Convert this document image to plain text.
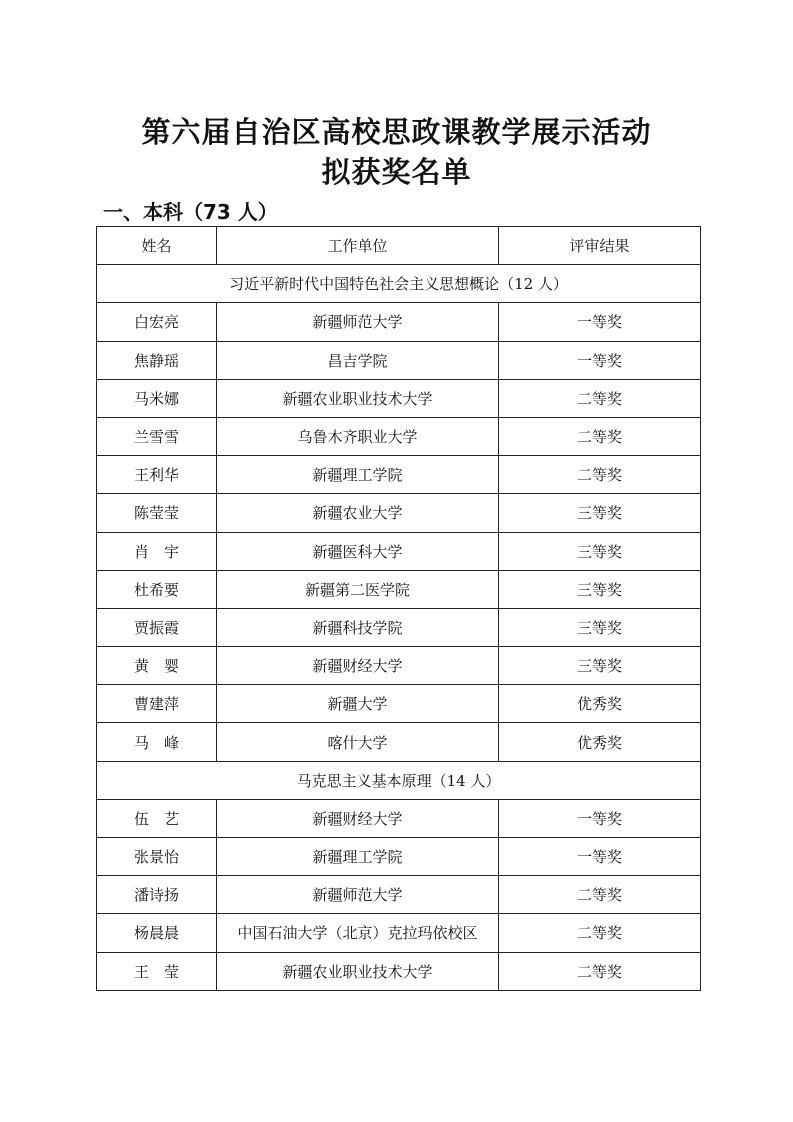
第六届自治区高校思政课教学展示活动
拟获奖名单
一、本科（73 人）
姓名	工作单位	评审结果
习近平新时代中国特色社会主义思想概论（12 人）		
白宏亮	新疆师范大学	一等奖
焦静瑶	昌吉学院	一等奖
马米娜	新疆农业职业技术大学	二等奖
兰雪雪	乌鲁木齐职业大学	二等奖
王利华	新疆理工学院	二等奖
陈莹莹	新疆农业大学	三等奖
肖　宇	新疆医科大学	三等奖
杜希要	新疆第二医学院	三等奖
贾振霞	新疆科技学院	三等奖
黄　婴	新疆财经大学	三等奖
曹建萍	新疆大学	优秀奖
马　峰	喀什大学	优秀奖
马克思主义基本原理（14 人）		
伍　艺	新疆财经大学	一等奖
张景怡	新疆理工学院	一等奖
潘诗扬	新疆师范大学	二等奖
杨晨晨	中国石油大学（北京）克拉玛依校区	二等奖
王　莹	新疆农业职业技术大学	二等奖
